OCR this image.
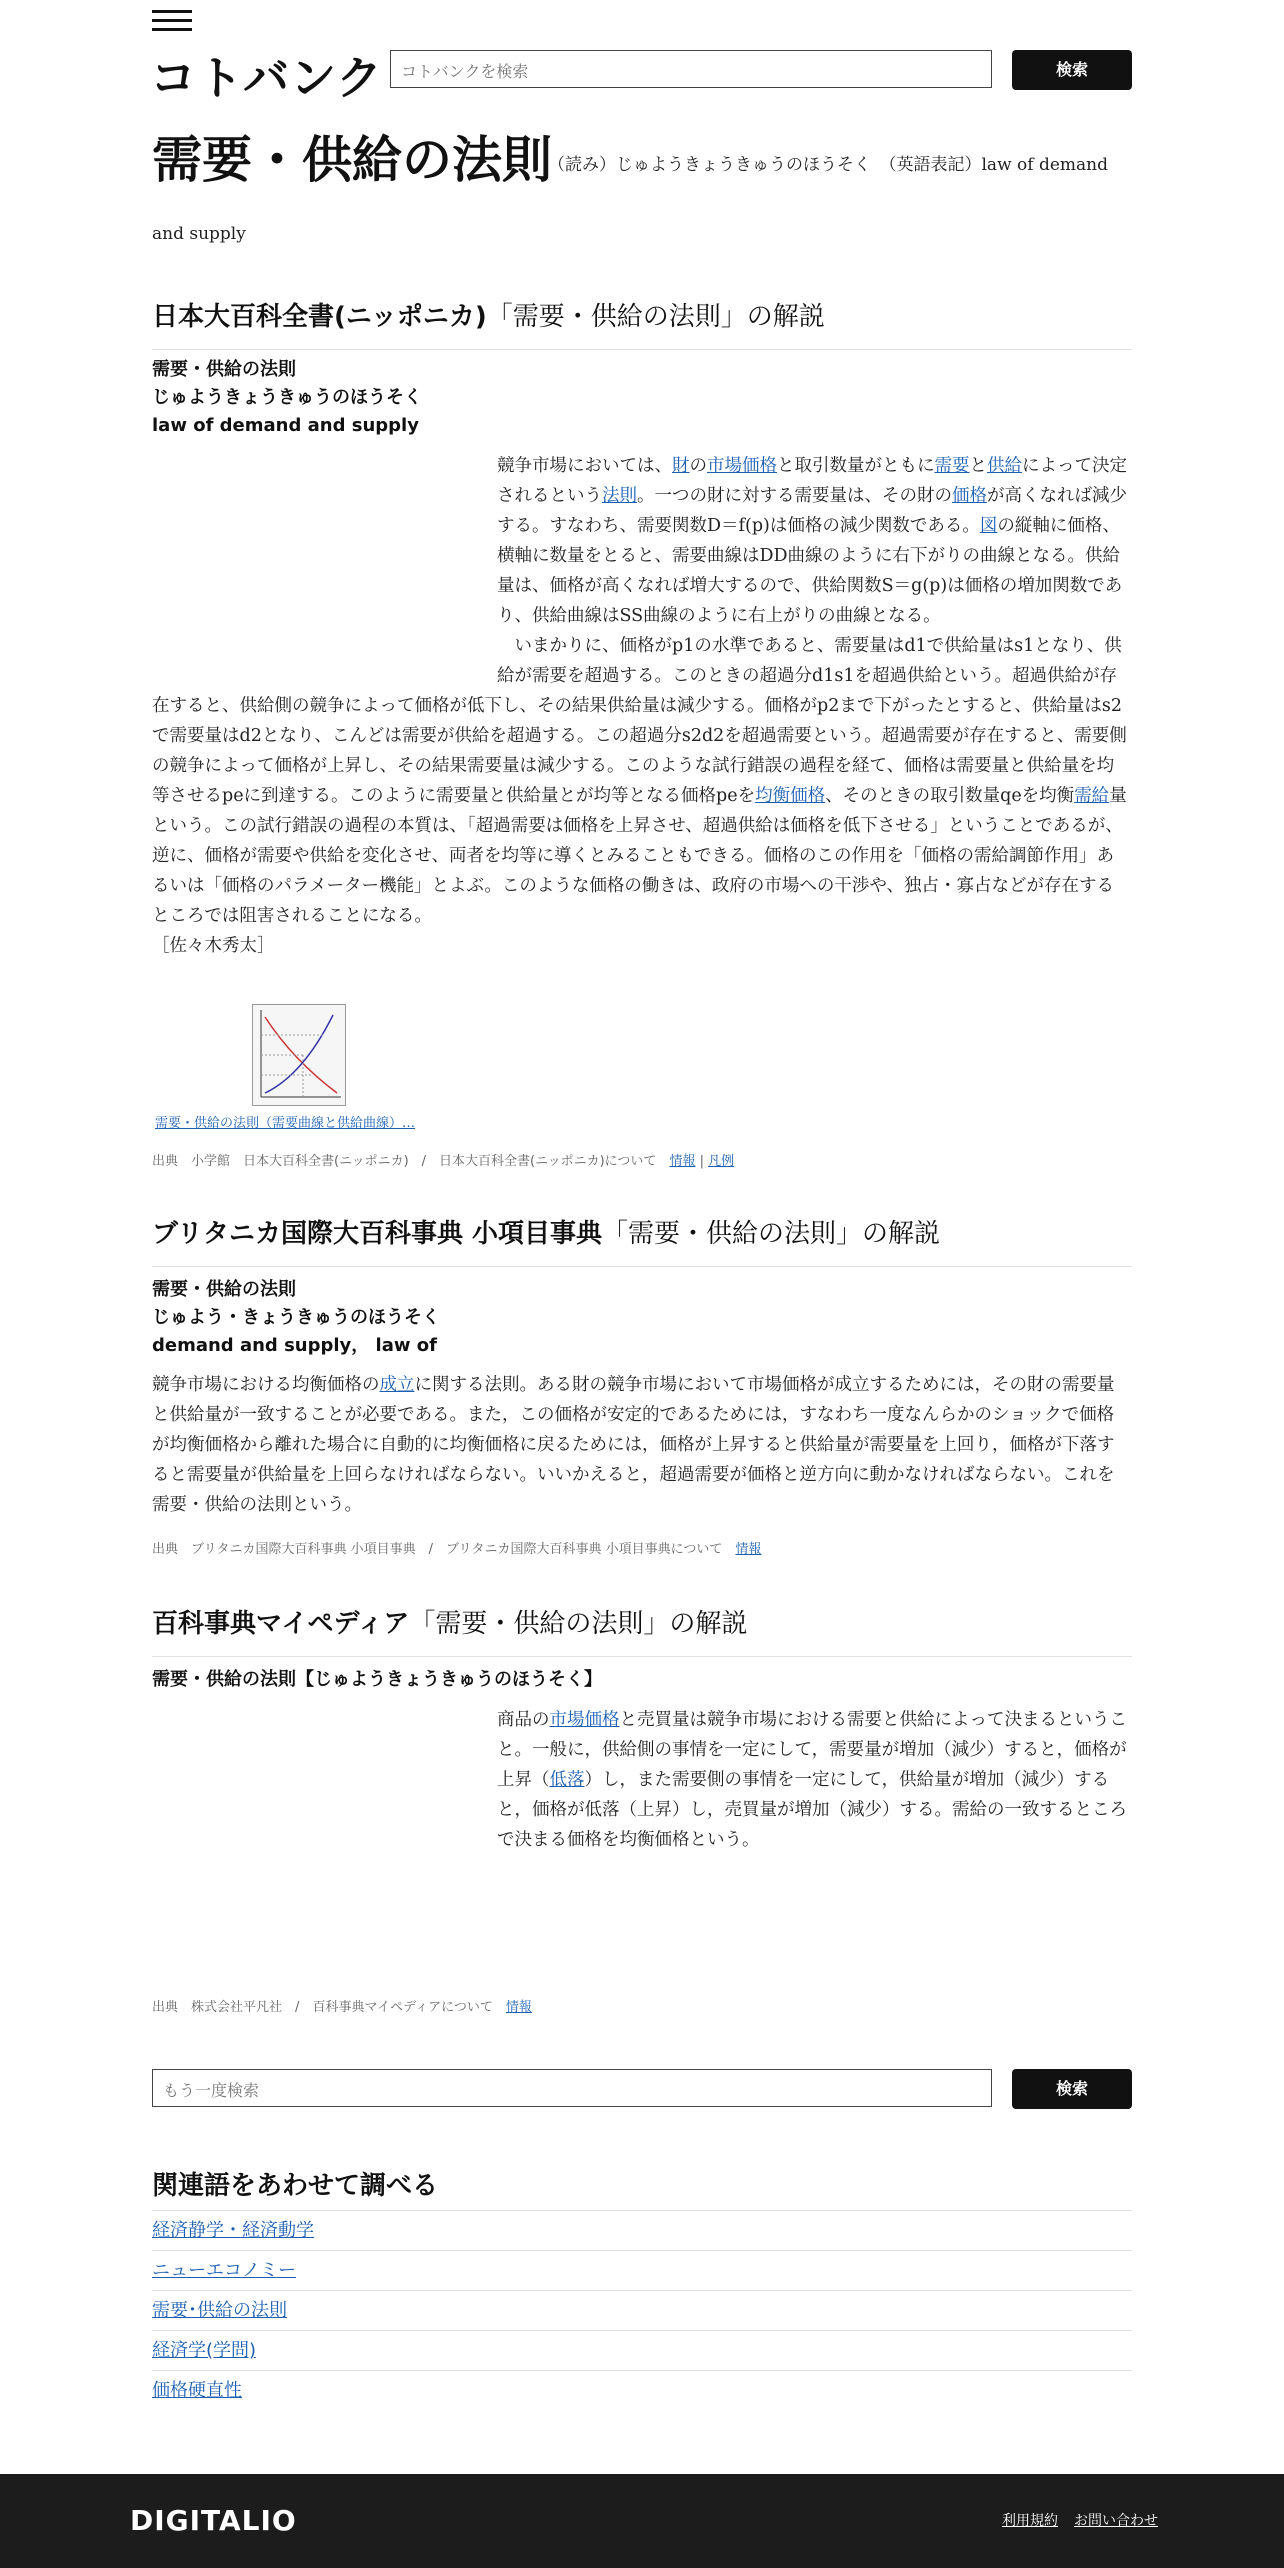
コトバンク	コトバンクを検索	検索
需要・供給の法則
（読み）じゅようきょうきゅうのほうそく　（英語表記）law of demand
and supply
日本大百科全書(ニッポニカ)「需要・供給の法則」の解説
需要・供給の法則
じゅようきょうきゅうのほうそく
law of demand and supply

競争市場においては、財の市場価格と取引数量がともに需要と供給によって決定されるという法則。一つの財に対する需要量は、その財の価格が高くなれば減少する。すなわち、需要関数D＝f(p)は価格の減少関数である。図の縦軸に価格、横軸に数量をとると、需要曲線はDD曲線のように右下がりの曲線となる。供給量は、価格が高くなれば増大するので、供給関数S＝g(p)は価格の増加関数であり、供給曲線はSS曲線のように右上がりの曲線となる。

　いまかりに、価格がp1の水準であると、需要量はd1で供給量はs1となり、供給が需要を超過する。このときの超過分d1s1を超過供給という。超過供給が存在すると、供給側の競争によって価格が低下し、その結果供給量は減少する。価格がp2まで下がったとすると、供給量はs2で需要量はd2となり、こんどは需要が供給を超過する。この超過分s2d2を超過需要という。超過需要が存在すると、需要側の競争によって価格が上昇し、その結果需要量は減少する。このような試行錯誤の過程を経て、価格は需要量と供給量を均等させるpeに到達する。このように需要量と供給量とが均等となる価格peを均衡価格、そのときの取引数量qeを均衡需給量という。この試行錯誤の過程の本質は、「超過需要は価格を上昇させ、超過供給は価格を低下させる」ということであるが、逆に、価格が需要や供給を変化させ、両者を均等に導くとみることもできる。価格のこの作用を「価格の需給調節作用」あるいは「価格のパラメーター機能」とよぶ。このような価格の働きは、政府の市場への干渉や、独占・寡占などが存在するところでは阻害されることになる。

［佐々木秀太］

需要・供給の法則（需要曲線と供給曲線）…
出典　 小学館　日本大百科全書(ニッポニカ)　/　日本大百科全書(ニッポニカ)について　 情報 | 凡例
ブリタニカ国際大百科事典 小項目事典「需要・供給の法則」の解説
需要・供給の法則
じゅよう・きょうきゅうのほうそく
demand and supply， law of

競争市場における均衡価格の成立に関する法則。ある財の競争市場において市場価格が成立するためには，その財の需要量と供給量が一致することが必要である。また，この価格が安定的であるためには，すなわち一度なんらかのショックで価格が均衡価格から離れた場合に自動的に均衡価格に戻るためには，価格が上昇すると供給量が需要量を上回り，価格が下落すると需要量が供給量を上回らなければならない。いいかえると，超過需要が価格と逆方向に動かなければならない。これを需要・供給の法則という。

出典　 ブリタニカ国際大百科事典 小項目事典　/　ブリタニカ国際大百科事典 小項目事典について　 情報
百科事典マイペディア「需要・供給の法則」の解説
需要・供給の法則【じゅようきょうきゅうのほうそく】

商品の市場価格と売買量は競争市場における需要と供給によって決まるということ。一般に，供給側の事情を一定にして，需要量が増加（減少）すると，価格が上昇（低落）し，また需要側の事情を一定にして，供給量が増加（減少）すると，価格が低落（上昇）し，売買量が増加（減少）する。需給の一致するところで決まる価格を均衡価格という。

出典　 株式会社平凡社　/　百科事典マイペディアについて　 情報
もう一度検索	検索
関連語をあわせて調べる
経済静学・経済動学
ニューエコノミー
需要･供給の法則
経済学(学問)
価格硬直性
DIGITALIO	利用規約 お問い合わせ
